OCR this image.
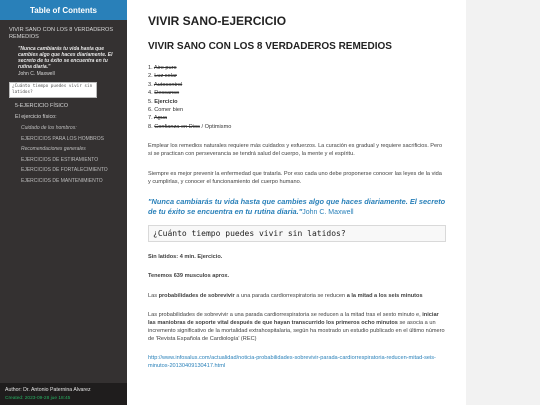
Table of Contents
VIVIR SANO CON LOS 8 VERDADEROS REMEDIOS
"Nunca cambiarás tu vida hasta que cambies algo que haces diariamente. El secreto de tu éxito se encuentra en tu rutina diaria."
John C. Maxwell
¿Cuánto tiempo puedes vivir sin latidos?
5-EJERCICIO FÍSICO
El ejercicio físico:
Cuidado de los hombros:
EJERCICIOS PARA LOS HOMBROS
Recomendaciones generales
EJERCICIOS DE ESTIRAMIENTO
EJERCICIOS DE FORTALECIMIENTO
EJERCICIOS DE MANTENIMIENTO
Author: Dr. Antonio Paternina Alvarez
Created: 2023-09-28 jue 18:45
VIVIR SANO-EJERCICIO
VIVIR SANO CON LOS 8 VERDADEROS REMEDIOS
1. Aire puro
2. Luz solar
3. Autocontrol
4. Descanso
5. Ejercicio
6. Comer bien
7. Agua
8. Confianza en Dios / Optimismo

Emplear los remedios naturales requiere más cuidados y esfuerzos. La curación es gradual y requiere sacrificios. Pero si se practican con perseverancia se tendrá salud del cuerpo, la mente y el espíritu.

Siempre es mejor prevenir la enfermedad que tratarla. Por eso cada uno debe proponerse conocer las leyes de la vida y cumplirlas, y conocer el funcionamiento del cuerpo humano.

"Nunca cambiarás tu vida hasta que cambies algo que haces diariamente. El secreto de tu éxito se encuentra en tu rutina diaria."John C. Maxwell

¿Cuánto tiempo puedes vivir sin latidos?

Sin latidos: 4 min. Ejercicio.

Tenemos 639 musculos aprox.

Las probabilidades de sobrevivir a una parada cardiorrespiratoria se reducen a la mitad a los seis minutos

Las probabilidades de sobrevivir a una parada cardiorrespiratoria se reducen a la mitad tras el sexto minuto e, iniciar las maniobras de soporte vital después de que hayan transcurrido los primeros ocho minutos se asocia a un incremento significativo de la mortalidad extrahospitalaria, según ha mostrado un estudio publicado en el último número de 'Revista Española de Cardiología' (REC)

http://www.infosalus.com/actualidad/noticia-probabilidades-sobrevivir-parada-cardiorrespiratoria-reducen-mitad-seis-minutos-20130409130417.html
